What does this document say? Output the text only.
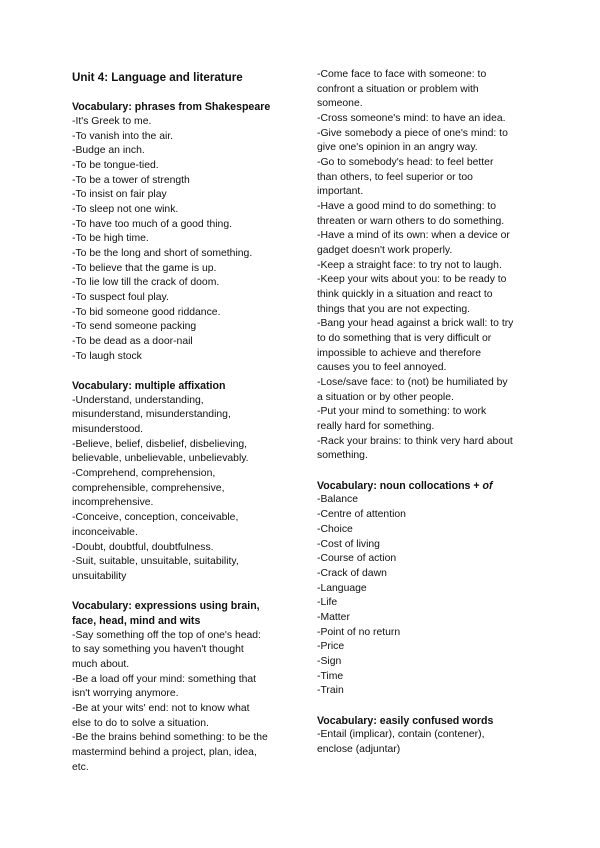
Unit 4: Language and literature
Vocabulary: phrases from Shakespeare
-It's Greek to me.
-To vanish into the air.
-Budge an inch.
-To be tongue-tied.
-To be a tower of strength
-To insist on fair play
-To sleep not one wink.
-To have too much of a good thing.
-To be high time.
-To be the long and short of something.
-To believe that the game is up.
-To lie low till the crack of doom.
-To suspect foul play.
-To bid someone good riddance.
-To send someone packing
-To be dead as a door-nail
-To laugh stock
Vocabulary: multiple affixation
-Understand, understanding,
misunderstand, misunderstanding,
misunderstood.
-Believe, belief, disbelief, disbelieving,
believable, unbelievable, unbelievably.
-Comprehend, comprehension,
comprehensible, comprehensive,
incomprehensive.
-Conceive, conception, conceivable,
inconceivable.
-Doubt, doubtful, doubtfulness.
-Suit, suitable, unsuitable, suitability,
unsuitability
Vocabulary: expressions using brain,
face, head, mind and wits
-Say something off the top of one's head:
to say something you haven't thought
much about.
-Be a load off your mind: something that
isn't worrying anymore.
-Be at your wits' end: not to know what
else to do to solve a situation.
-Be the brains behind something: to be the
mastermind behind a project, plan, idea,
etc.
-Come face to face with someone: to
confront a situation or problem with
someone.
-Cross someone's mind: to have an idea.
-Give somebody a piece of one's mind: to
give one's opinion in an angry way.
-Go to somebody's head: to feel better
than others, to feel superior or too
important.
-Have a good mind to do something: to
threaten or warn others to do something.
-Have a mind of its own: when a device or
gadget doesn't work properly.
-Keep a straight face: to try not to laugh.
-Keep your wits about you: to be ready to
think quickly in a situation and react to
things that you are not expecting.
-Bang your head against a brick wall: to try
to do something that is very difficult or
impossible to achieve and therefore
causes you to feel annoyed.
-Lose/save face: to (not) be humiliated by
a situation or by other people.
-Put your mind to something: to work
really hard for something.
-Rack your brains: to think very hard about
something.
Vocabulary: noun collocations + of
-Balance
-Centre of attention
-Choice
-Cost of living
-Course of action
-Crack of dawn
-Language
-Life
-Matter
-Point of no return
-Price
-Sign
-Time
-Train
Vocabulary: easily confused words
-Entail (implicar), contain (contener),
enclose (adjuntar)
